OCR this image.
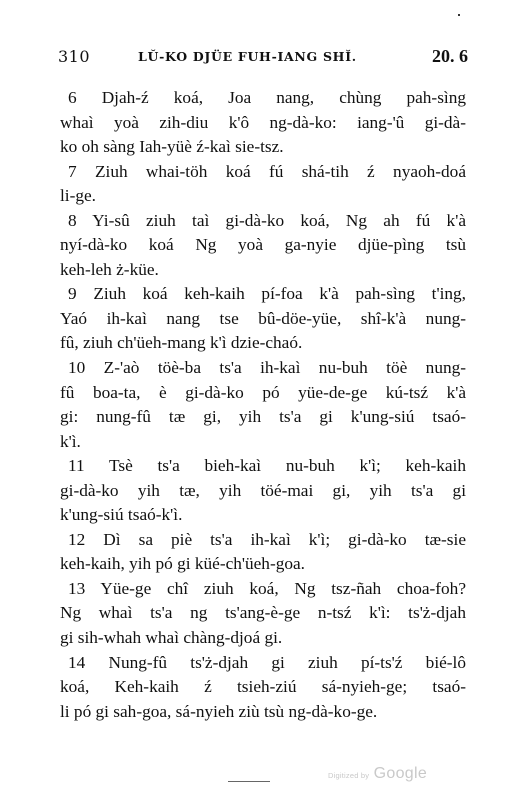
310	LŬ-KO DJÜE FUH-IANG SHĬ.	20. 6
6 Djah-ź koá, Joa nang, chùng pah-sìng
whaì yoà zih-diu k'ô ng-dà-ko: iang-'û gi-dà-
ko oh sàng Iah-yüè ź-kaì sie-tsz.
7 Ziuh whai-töh koá fú shá-tih ź nyaoh-doá
li-ge.
8 Yi-sû ziuh taì gi-dà-ko koá, Ng ah fú k'à
nyí-dà-ko koá Ng yoà ga-nyie djüe-pìng tsù
keh-leh ż-küe.
9 Ziuh koá keh-kaih pí-foa k'à pah-sìng t'ing,
Yaó ih-kaì nang tse bû-döe-yüe, shî-k'à nung-
fû, ziuh ch'üeh-mang k'ì dzie-chaó.
10 Z-'aò töè-ba ts'a ih-kaì nu-buh töè nung-
fû boa-ta, è gi-dà-ko pó yüe-de-ge kú-tsź k'à
gi: nung-fû tæ gi, yih ts'a gi k'ung-siú tsaó-
k'ì.
11 Tsè ts'a bieh-kaì nu-buh k'ì; keh-kaih
gi-dà-ko yih tæ, yih töé-mai gi, yih ts'a gi
k'ung-siú tsaó-k'ì.
12 Dì sa piè ts'a ih-kaì k'ì; gi-dà-ko tæ-sie
keh-kaih, yih pó gi küé-ch'üeh-goa.
13 Yüe-ge chî ziuh koá, Ng tsz-ñah choa-foh?
Ng whaì ts'a ng ts'ang-è-ge n-tsź k'ì: ts'ż-djah
gi sih-whah whaì chàng-djoá gi.
14 Nung-fû ts'ż-djah gi ziuh pí-ts'ź bié-lô
koá, Keh-kaih ź tsieh-ziú sá-nyieh-ge; tsaó-
li pó gi sah-goa, sá-nyieh ziù tsù ng-dà-ko-ge.
Digitized by Google
